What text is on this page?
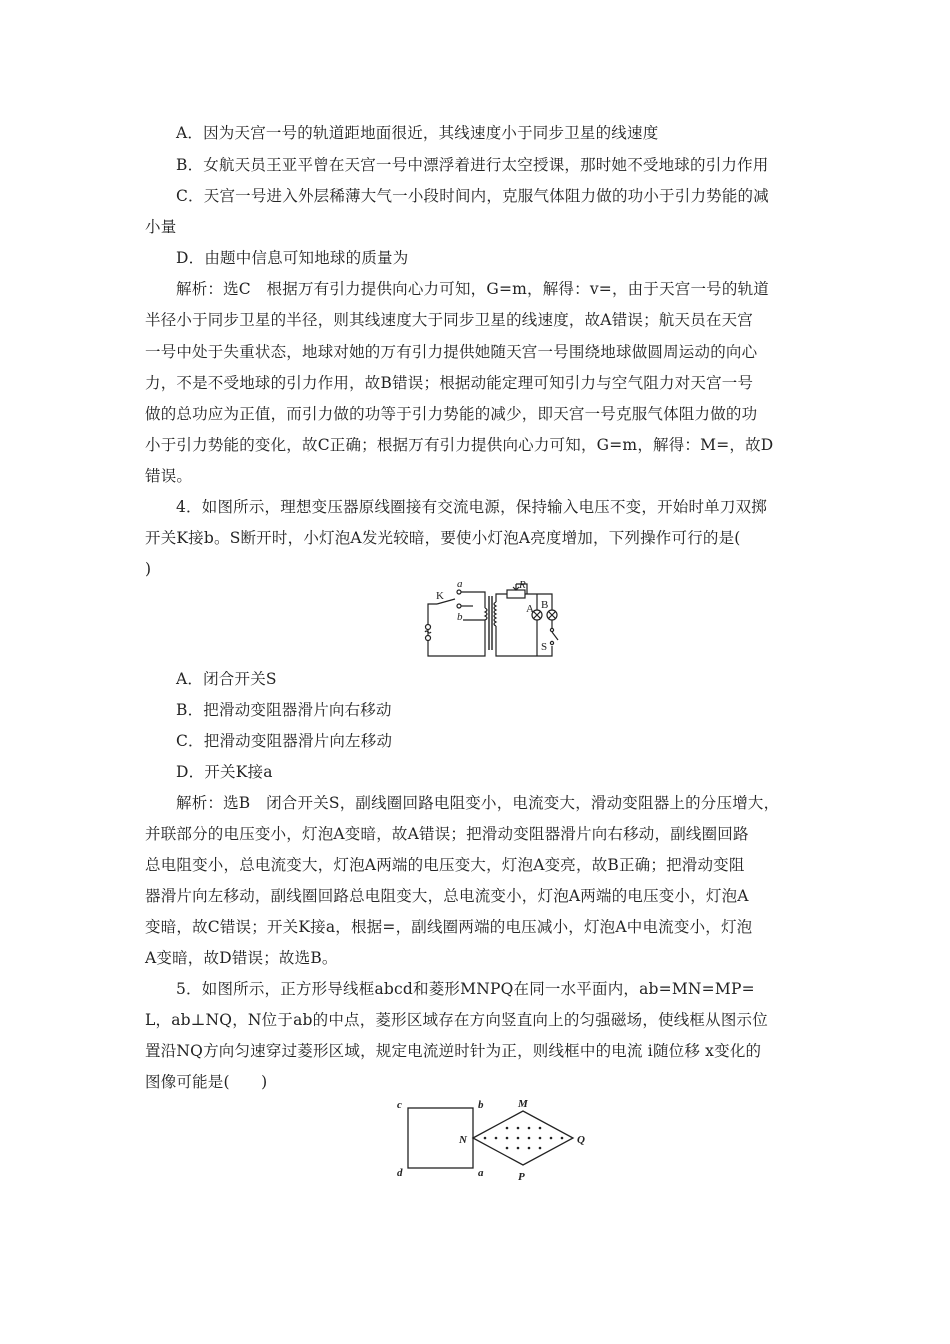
A．因为天宫一号的轨道距地面很近，其线速度小于同步卫星的线速度
B．女航天员王亚平曾在天宫一号中漂浮着进行太空授课，那时她不受地球的引力作用
C．天宫一号进入外层稀薄大气一小段时间内，克服气体阻力做的功小于引力势能的减
小量
D．由题中信息可知地球的质量为
解析：选C　根据万有引力提供向心力可知，G=m，解得：v=，由于天宫一号的轨道
半径小于同步卫星的半径，则其线速度大于同步卫星的线速度，故A错误；航天员在天宫
一号中处于失重状态，地球对她的万有引力提供她随天宫一号围绕地球做圆周运动的向心
力，不是不受地球的引力作用，故B错误；根据动能定理可知引力与空气阻力对天宫一号
做的总功应为正值，而引力做的功等于引力势能的减少，即天宫一号克服气体阻力做的功
小于引力势能的变化，故C正确；根据万有引力提供向心力可知，G=m，解得：M=，故D
错误。
4．如图所示，理想变压器原线圈接有交流电源，保持输入电压不变，开始时单刀双掷
开关K接b。S断开时，小灯泡A发光较暗，要使小灯泡A亮度增加，下列操作可行的是(
)
K
a
b
R
A B
S
A．闭合开关S
B．把滑动变阻器滑片向右移动
C．把滑动变阻器滑片向左移动
D．开关K接a
解析：选B　闭合开关S，副线圈回路电阻变小，电流变大，滑动变阻器上的分压增大，
并联部分的电压变小，灯泡A变暗，故A错误；把滑动变阻器滑片向右移动，副线圈回路
总电阻变小，总电流变大，灯泡A两端的电压变大，灯泡A变亮，故B正确；把滑动变阻
器滑片向左移动，副线圈回路总电阻变大，总电流变小，灯泡A两端的电压变小，灯泡A
变暗，故C错误；开关K接a，根据=，副线圈两端的电压减小，灯泡A中电流变小，灯泡
A变暗，故D错误；故选B。
5．如图所示，正方形导线框abcd和菱形MNPQ在同一水平面内，ab=MN=MP=
L，ab⊥NQ，N位于ab的中点，菱形区域存在方向竖直向上的匀强磁场，使线框从图示位
置沿NQ方向匀速穿过菱形区域，规定电流逆时针为正，则线框中的电流 i随位移 x变化的
图像可能是(　　)
c	b
d	a
M
N
P
Q
